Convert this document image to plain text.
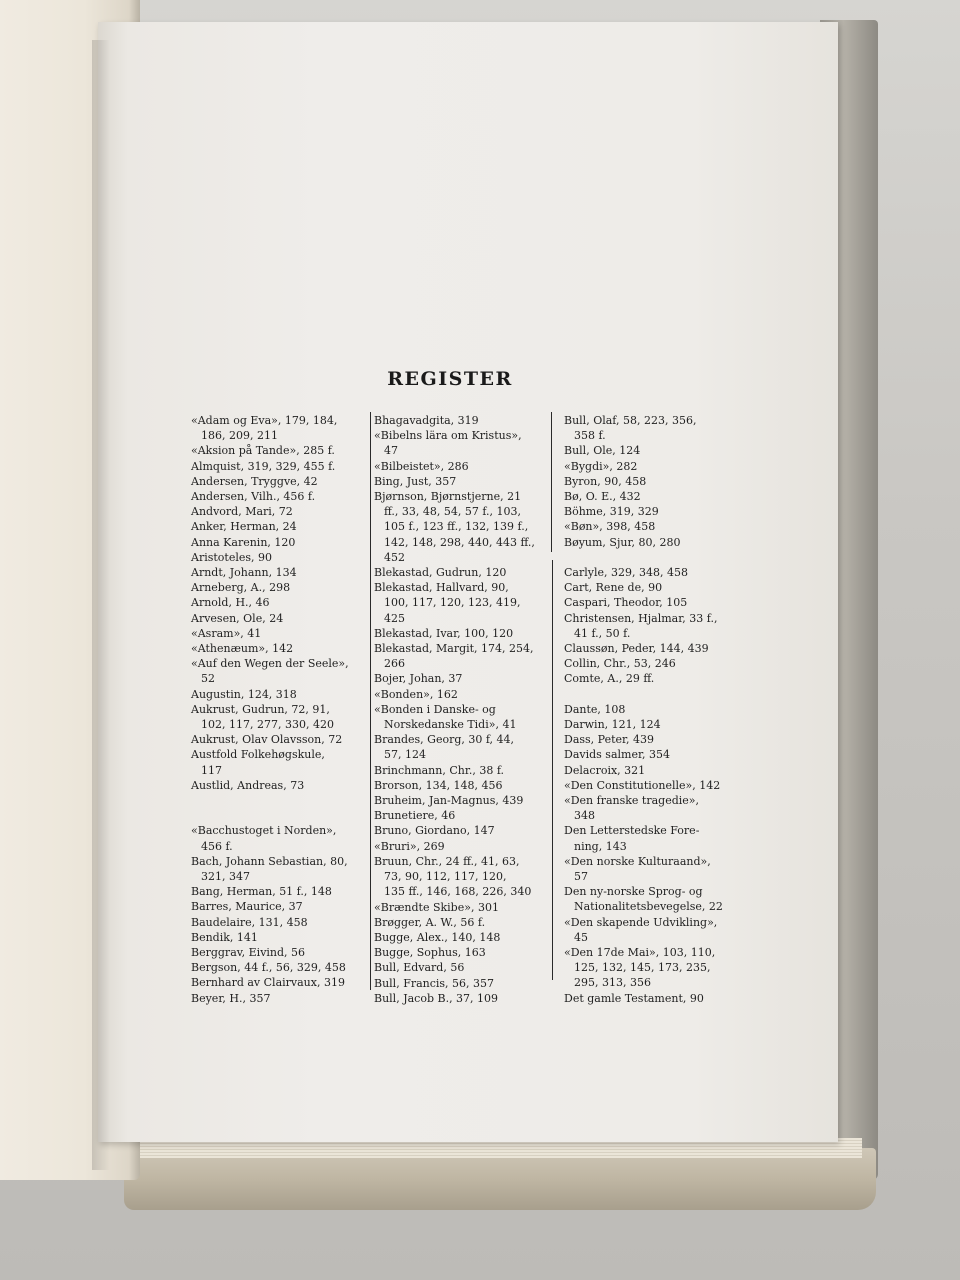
REGISTER
«Adam og Eva», 179, 184,
186, 209, 211
«Aksion på Tande», 285 f.
Almquist, 319, 329, 455 f.
Andersen, Tryggve, 42
Andersen, Vilh., 456 f.
Andvord, Mari, 72
Anker, Herman, 24
Anna Karenin, 120
Aristoteles, 90
Arndt, Johann, 134
Arneberg, A., 298
Arnold, H., 46
Arvesen, Ole, 24
«Asram», 41
«Athenæum», 142
«Auf den Wegen der Seele»,
52
Augustin, 124, 318
Aukrust, Gudrun, 72, 91,
102, 117, 277, 330, 420
Aukrust, Olav Olavsson, 72
Austfold Folkehøgskule,
117
Austlid, Andreas, 73
«Bacchustoget i Norden»,
456 f.
Bach, Johann Sebastian, 80,
321, 347
Bang, Herman, 51 f., 148
Barres, Maurice, 37
Baudelaire, 131, 458
Bendik, 141
Berggrav, Eivind, 56
Bergson, 44 f., 56, 329, 458
Bernhard av Clairvaux, 319
Beyer, H., 357
Bhagavadgita, 319
«Bibelns lära om Kristus»,
47
«Bilbeistet», 286
Bing, Just, 357
Bjørnson, Bjørnstjerne, 21
ff., 33, 48, 54, 57 f., 103,
105 f., 123 ff., 132, 139 f.,
142, 148, 298, 440, 443 ff.,
452
Blekastad, Gudrun, 120
Blekastad, Hallvard, 90,
100, 117, 120, 123, 419,
425
Blekastad, Ivar, 100, 120
Blekastad, Margit, 174, 254,
266
Bojer, Johan, 37
«Bonden», 162
«Bonden i Danske- og
Norskedanske Tidi», 41
Brandes, Georg, 30 f, 44,
57, 124
Brinchmann, Chr., 38 f.
Brorson, 134, 148, 456
Bruheim, Jan-Magnus, 439
Brunetiere, 46
Bruno, Giordano, 147
«Bruri», 269
Bruun, Chr., 24 ff., 41, 63,
73, 90, 112, 117, 120,
135 ff., 146, 168, 226, 340
«Brændte Skibe», 301
Brøgger, A. W., 56 f.
Bugge, Alex., 140, 148
Bugge, Sophus, 163
Bull, Edvard, 56
Bull, Francis, 56, 357
Bull, Jacob B., 37, 109
Bull, Olaf, 58, 223, 356,
358 f.
Bull, Ole, 124
«Bygdi», 282
Byron, 90, 458
Bø, O. E., 432
Böhme, 319, 329
«Bøn», 398, 458
Bøyum, Sjur, 80, 280
Carlyle, 329, 348, 458
Cart, Rene de, 90
Caspari, Theodor, 105
Christensen, Hjalmar, 33 f.,
41 f., 50 f.
Claussøn, Peder, 144, 439
Collin, Chr., 53, 246
Comte, A., 29 ff.
Dante, 108
Darwin, 121, 124
Dass, Peter, 439
Davids salmer, 354
Delacroix, 321
«Den Constitutionelle», 142
«Den franske tragedie»,
348
Den Letterstedske Fore-
ning, 143
«Den norske Kulturaand»,
57
Den ny-norske Sprog- og
Nationalitetsbevegelse, 22
«Den skapende Udvikling»,
45
«Den 17de Mai», 103, 110,
125, 132, 145, 173, 235,
295, 313, 356
Det gamle Testament, 90
